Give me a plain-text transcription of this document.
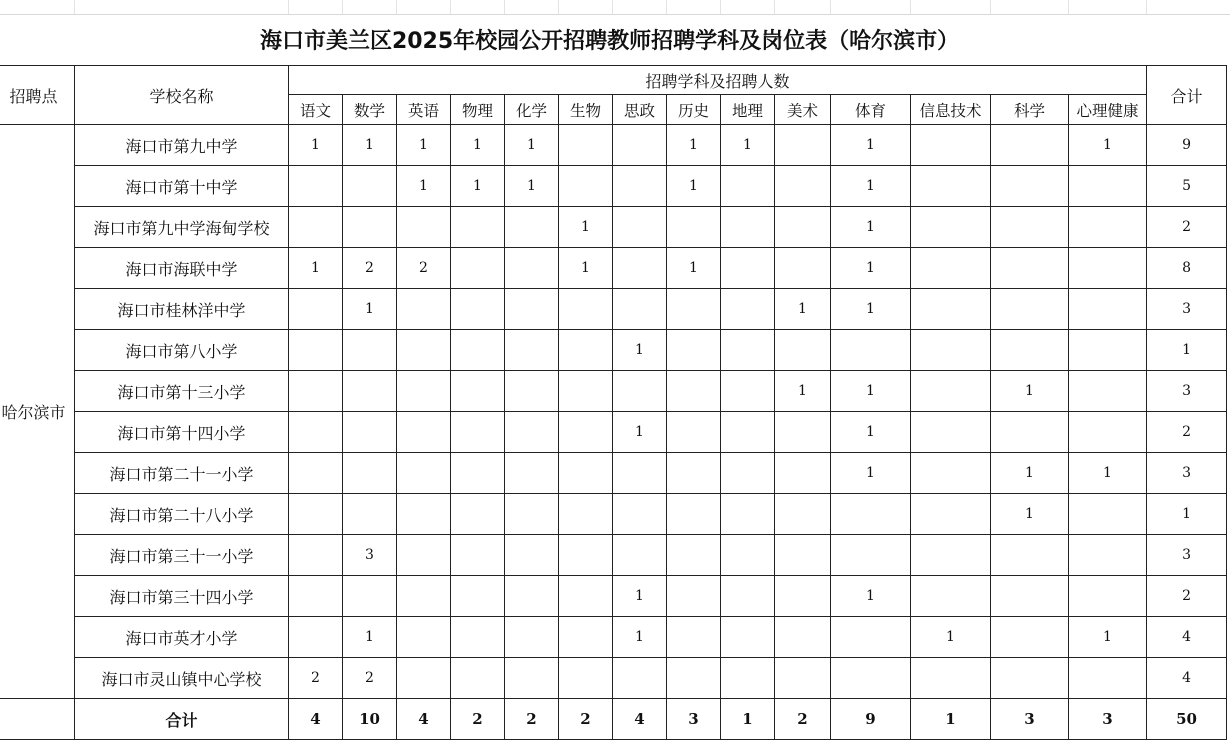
海口市美兰区2025年校园公开招聘教师招聘学科及岗位表（哈尔滨市）																
招聘点	学校名称	招聘学科及招聘人数														合计
		语文	数学	英语	物理	化学	生物	思政	历史	地理	美术	体育	信息技术	科学	心理健康	
哈尔滨市	海口市第九中学	1	1	1	1	1			1	1		1			1	9
	海口市第十中学			1	1	1			1			1				5
	海口市第九中学海甸学校						1					1				2
	海口市海联中学	1	2	2			1		1			1				8
	海口市桂林洋中学		1								1	1				3
	海口市第八小学							1								1
	海口市第十三小学										1	1		1		3
	海口市第十四小学							1				1				2
	海口市第二十一小学											1		1	1	3
	海口市第二十八小学													1		1
	海口市第三十一小学		3													3
	海口市第三十四小学							1				1				2
	海口市英才小学		1					1					1		1	4
	海口市灵山镇中心学校	2	2													4
	合计	4	10	4	2	2	2	4	3	1	2	9	1	3	3	50
